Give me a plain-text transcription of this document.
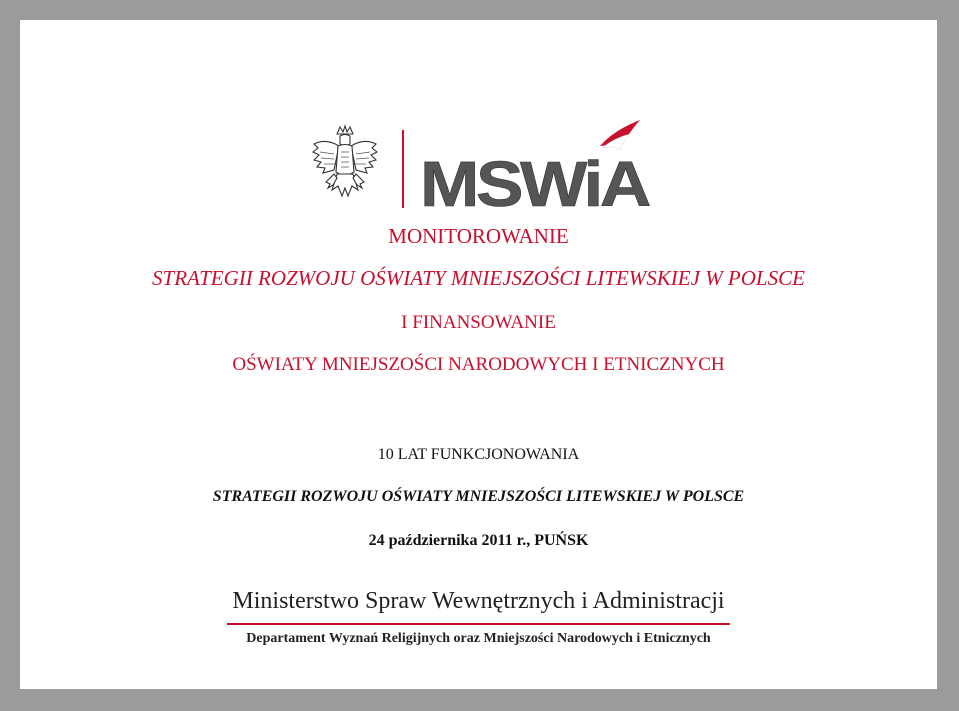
MSWiA
MONITOROWANIE
STRATEGII ROZWOJU OŚWIATY MNIEJSZOŚCI LITEWSKIEJ W POLSCE
I FINANSOWANIE
OŚWIATY MNIEJSZOŚCI NARODOWYCH I ETNICZNYCH
10 LAT FUNKCJONOWANIA
STRATEGII ROZWOJU OŚWIATY MNIEJSZOŚCI LITEWSKIEJ W POLSCE
24 października 2011 r., PUŃSK
Ministerstwo Spraw Wewnętrznych i Administracji
Departament Wyznań Religijnych oraz Mniejszości Narodowych i Etnicznych
